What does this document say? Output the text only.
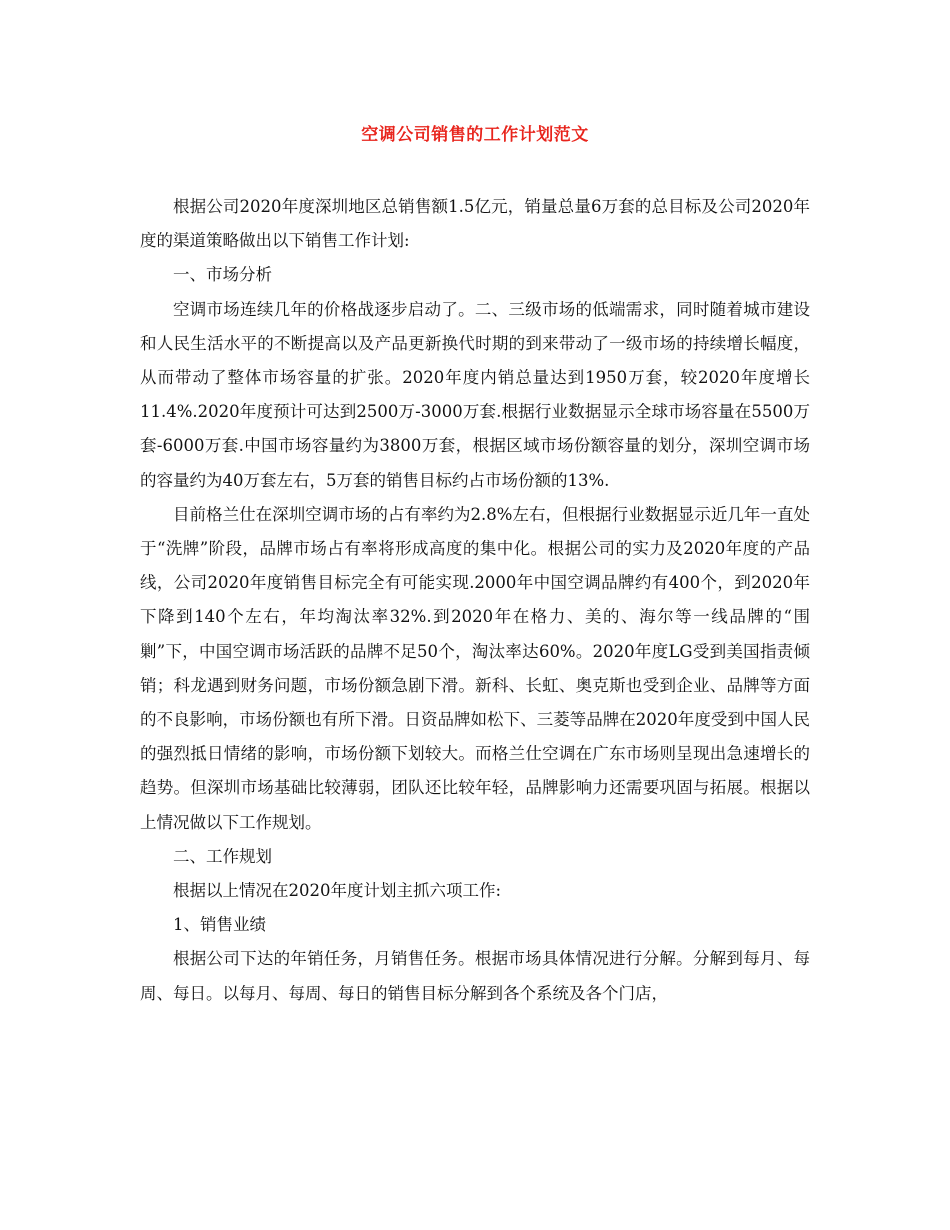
空调公司销售的工作计划范文

根据公司2020年度深圳地区总销售额1.5亿元，销量总量6万套的总目标及公司2020年度的渠道策略做出以下销售工作计划:

一、市场分析

空调市场连续几年的价格战逐步启动了。二、三级市场的低端需求，同时随着城市建设和人民生活水平的不断提高以及产品更新换代时期的到来带动了一级市场的持续增长幅度，从而带动了整体市场容量的扩张。2020年度内销总量达到1950万套，较2020年度增长11.4%.2020年度预计可达到2500万-3000万套.根据行业数据显示全球市场容量在5500万套-6000万套.中国市场容量约为3800万套，根据区域市场份额容量的划分，深圳空调市场的容量约为40万套左右，5万套的销售目标约占市场份额的13%.

目前格兰仕在深圳空调市场的占有率约为2.8%左右，但根据行业数据显示近几年一直处于“洗牌”阶段，品牌市场占有率将形成高度的集中化。根据公司的实力及2020年度的产品线，公司2020年度销售目标完全有可能实现.2000年中国空调品牌约有400个，到2020年下降到140个左右，年均淘汰率32%.到2020年在格力、美的、海尔等一线品牌的“围剿”下，中国空调市场活跃的品牌不足50个，淘汰率达60%。2020年度LG受到美国指责倾销；科龙遇到财务问题，市场份额急剧下滑。新科、长虹、奥克斯也受到企业、品牌等方面的不良影响，市场份额也有所下滑。日资品牌如松下、三菱等品牌在2020年度受到中国人民的强烈抵日情绪的影响，市场份额下划较大。而格兰仕空调在广东市场则呈现出急速增长的趋势。但深圳市场基础比较薄弱，团队还比较年轻，品牌影响力还需要巩固与拓展。根据以上情况做以下工作规划。

二、工作规划

根据以上情况在2020年度计划主抓六项工作:

1、销售业绩

根据公司下达的年销任务，月销售任务。根据市场具体情况进行分解。分解到每月、每周、每日。以每月、每周、每日的销售目标分解到各个系统及各个门店，
